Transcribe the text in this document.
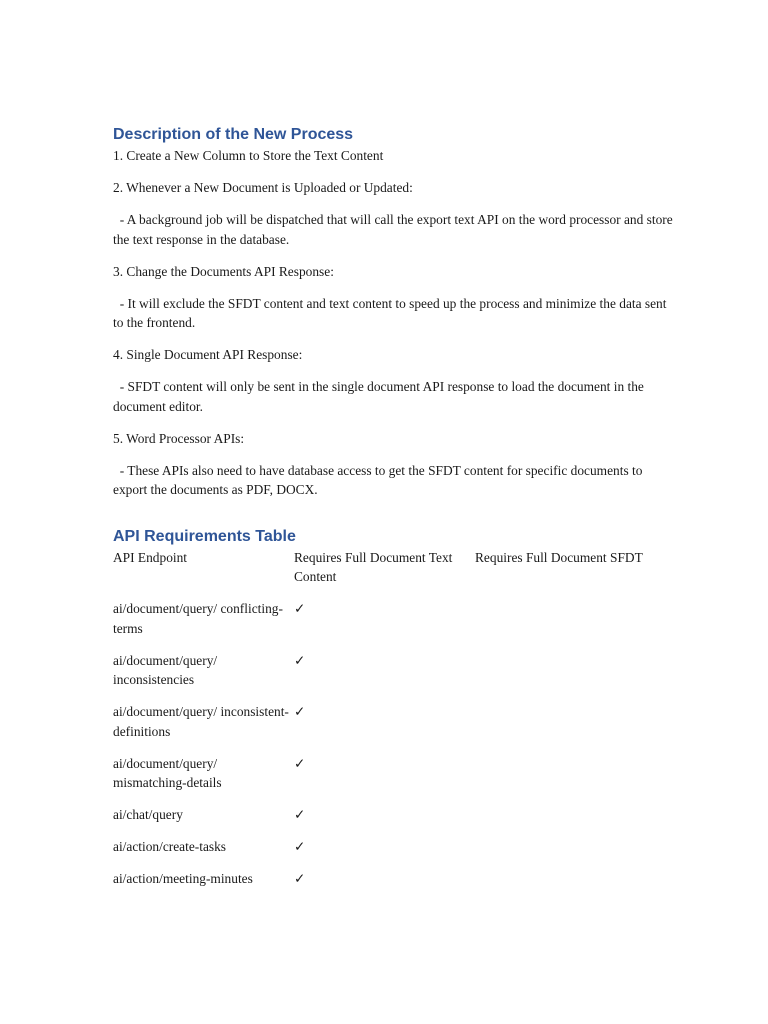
Description of the New Process

1. Create a New Column to Store the Text Content

2. Whenever a New Document is Uploaded or Updated:

- A background job will be dispatched that will call the export text API on the word processor and store the text response in the database.

3. Change the Documents API Response:

- It will exclude the SFDT content and text content to speed up the process and minimize the data sent to the frontend.

4. Single Document API Response:

- SFDT content will only be sent in the single document API response to load the document in the document editor.

5. Word Processor APIs:

- These APIs also need to have database access to get the SFDT content for specific documents to export the documents as PDF, DOCX.

API Requirements Table
API Endpoint	Requires Full Document Text Content	Requires Full Document SFDT
ai/document/query/ conflicting-terms	✓	
ai/document/query/ inconsistencies	✓	
ai/document/query/ inconsistent-definitions	✓	
ai/document/query/ mismatching-details	✓	
ai/chat/query	✓	
ai/action/create-tasks	✓	
ai/action/meeting-minutes	✓	
